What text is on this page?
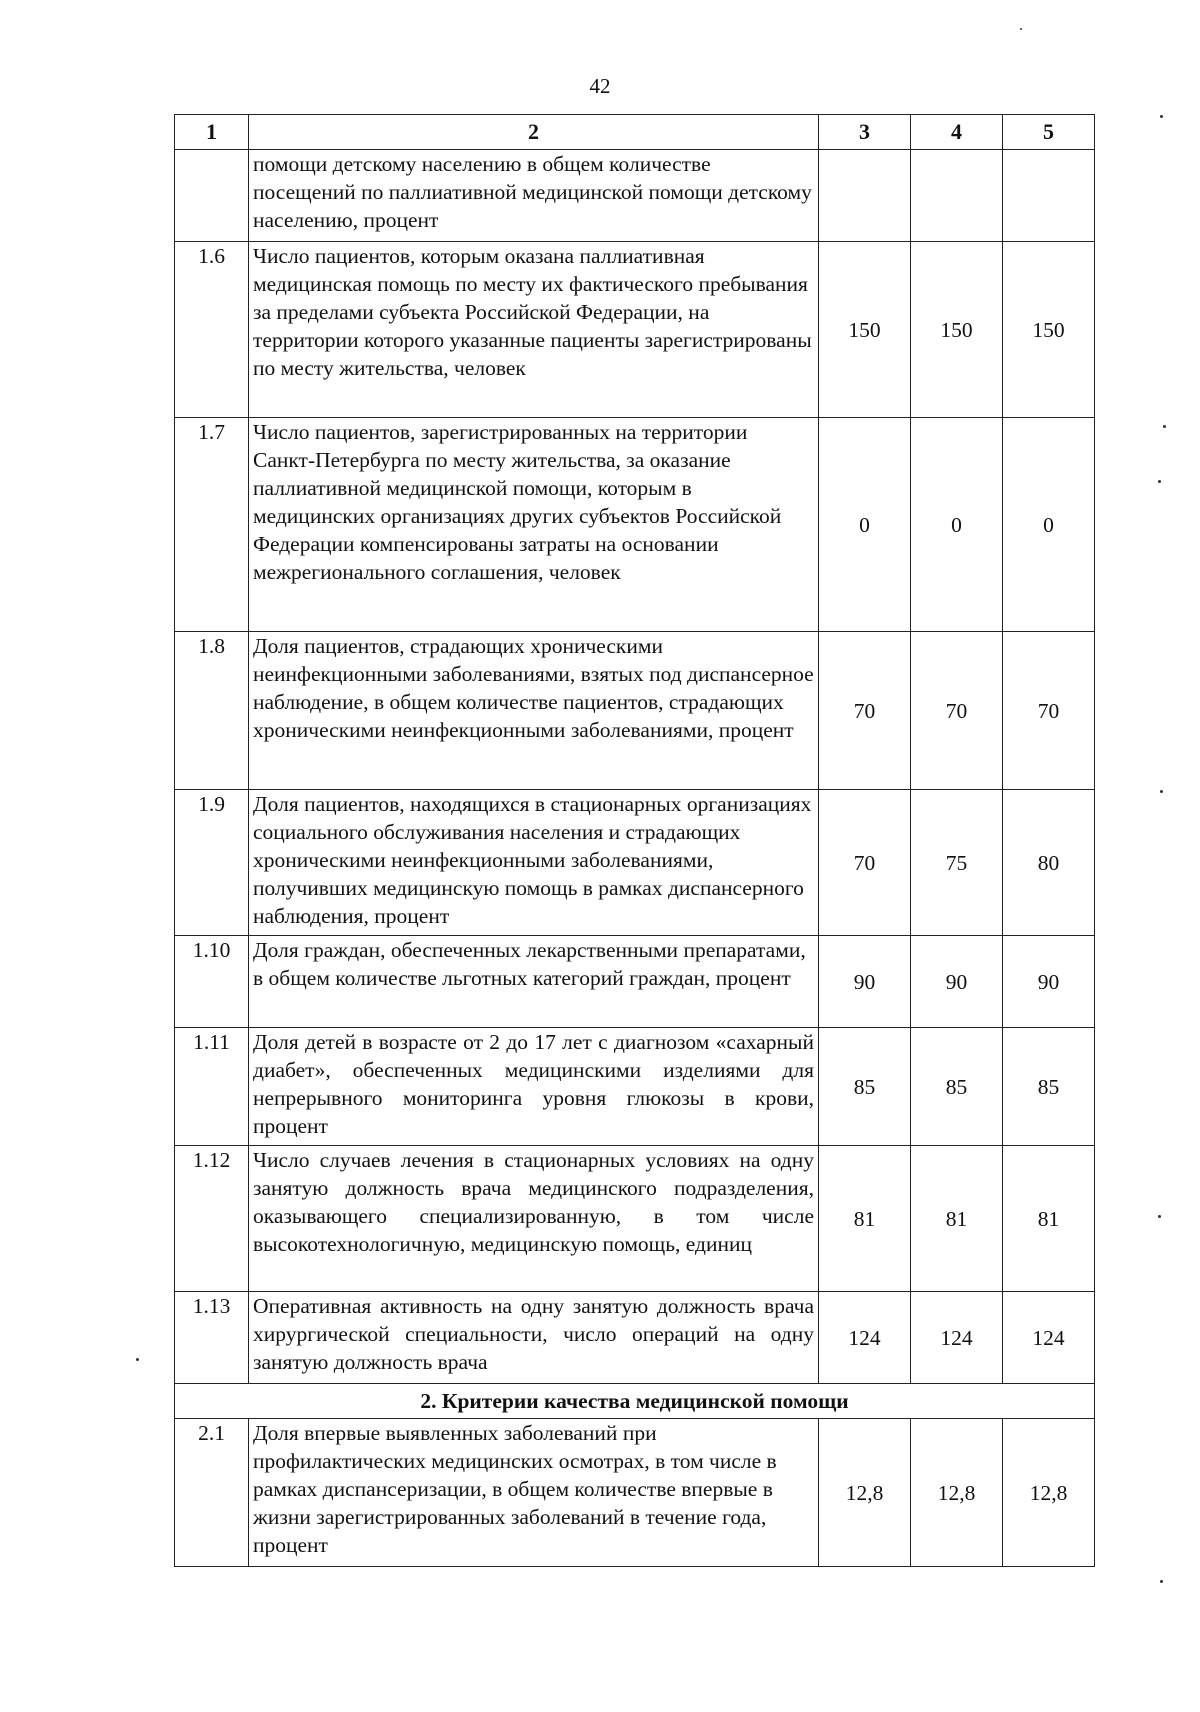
42
1	2	3	4	5
	помощи детскому населению в общем количестве посещений по паллиативной медицинской помощи детскому населению, процент			
1.6	Число пациентов, которым оказана паллиативная медицинская помощь по месту их фактического пребывания за пределами субъекта Российской Федерации, на территории которого указанные пациенты зарегистрированы по месту жительства, человек	150	150	150
1.7	Число пациентов, зарегистрированных на территории Санкт-Петербурга по месту жительства, за оказание паллиативной медицинской помощи, которым в медицинских организациях других субъектов Российской Федерации компенсированы затраты на основании межрегионального соглашения, человек	0	0	0
1.8	Доля пациентов, страдающих хроническими неинфекционными заболеваниями, взятых под диспансерное наблюдение, в общем количестве пациентов, страдающих хроническими неинфекционными заболеваниями, процент	70	70	70
1.9	Доля пациентов, находящихся в стационарных организациях социального обслуживания населения и страдающих хроническими неинфекционными заболеваниями, получивших медицинскую помощь в рамках диспансерного наблюдения, процент	70	75	80
1.10	Доля граждан, обеспеченных лекарственными препаратами, в общем количестве льготных категорий граждан, процент	90	90	90
1.11	Доля детей в возрасте от 2 до 17 лет с диагнозом «сахарный диабет», обеспеченных медицинскими изделиями для непрерывного мониторинга уровня глюкозы в крови, процент	85	85	85
1.12	Число случаев лечения в стационарных условиях на одну занятую должность врача медицинского подразделения, оказывающего специализированную, в том числе высокотехнологичную, медицинскую помощь, единиц	81	81	81
1.13	Оперативная активность на одну занятую должность врача хирургической специальности, число операций на одну занятую должность врача	124	124	124
2. Критерии качества медицинской помощи				
2.1	Доля впервые выявленных заболеваний при профилактических медицинских осмотрах, в том числе в рамках диспансеризации, в общем количестве впервые в жизни зарегистрированных заболеваний в течение года, процент	12,8	12,8	12,8
